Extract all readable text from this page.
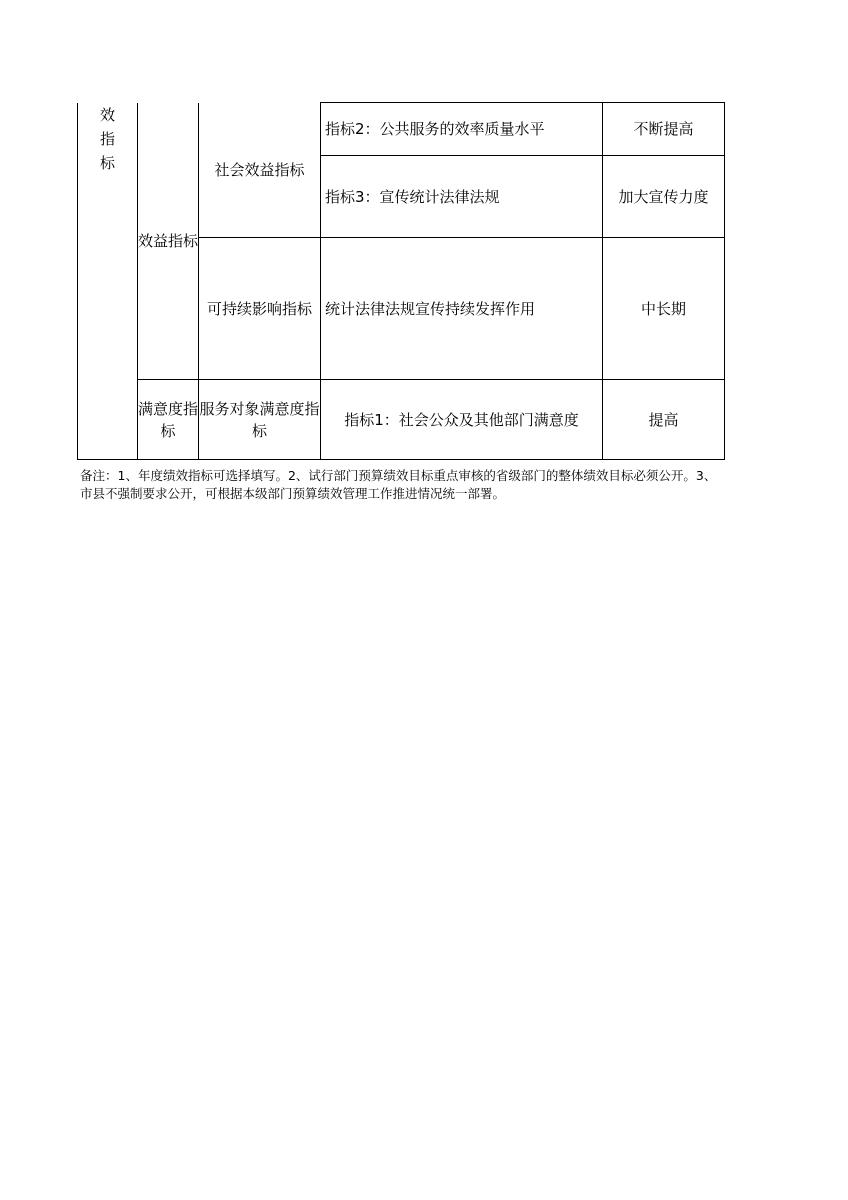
效指标	效益指标	社会效益指标	指标2：公共服务的效率质量水平	不断提高
			指标3：宣传统计法律法规	加大宣传力度
		可持续影响指标	统计法律法规宣传持续发挥作用	中长期
	满意度指标	服务对象满意度指标	指标1：社会公众及其他部门满意度	提高
备注：1、年度绩效指标可选择填写。2、试行部门预算绩效目标重点审核的省级部门的整体绩效目标必须公开。3、市县不强制要求公开，可根据本级部门预算绩效管理工作推进情况统一部署。
